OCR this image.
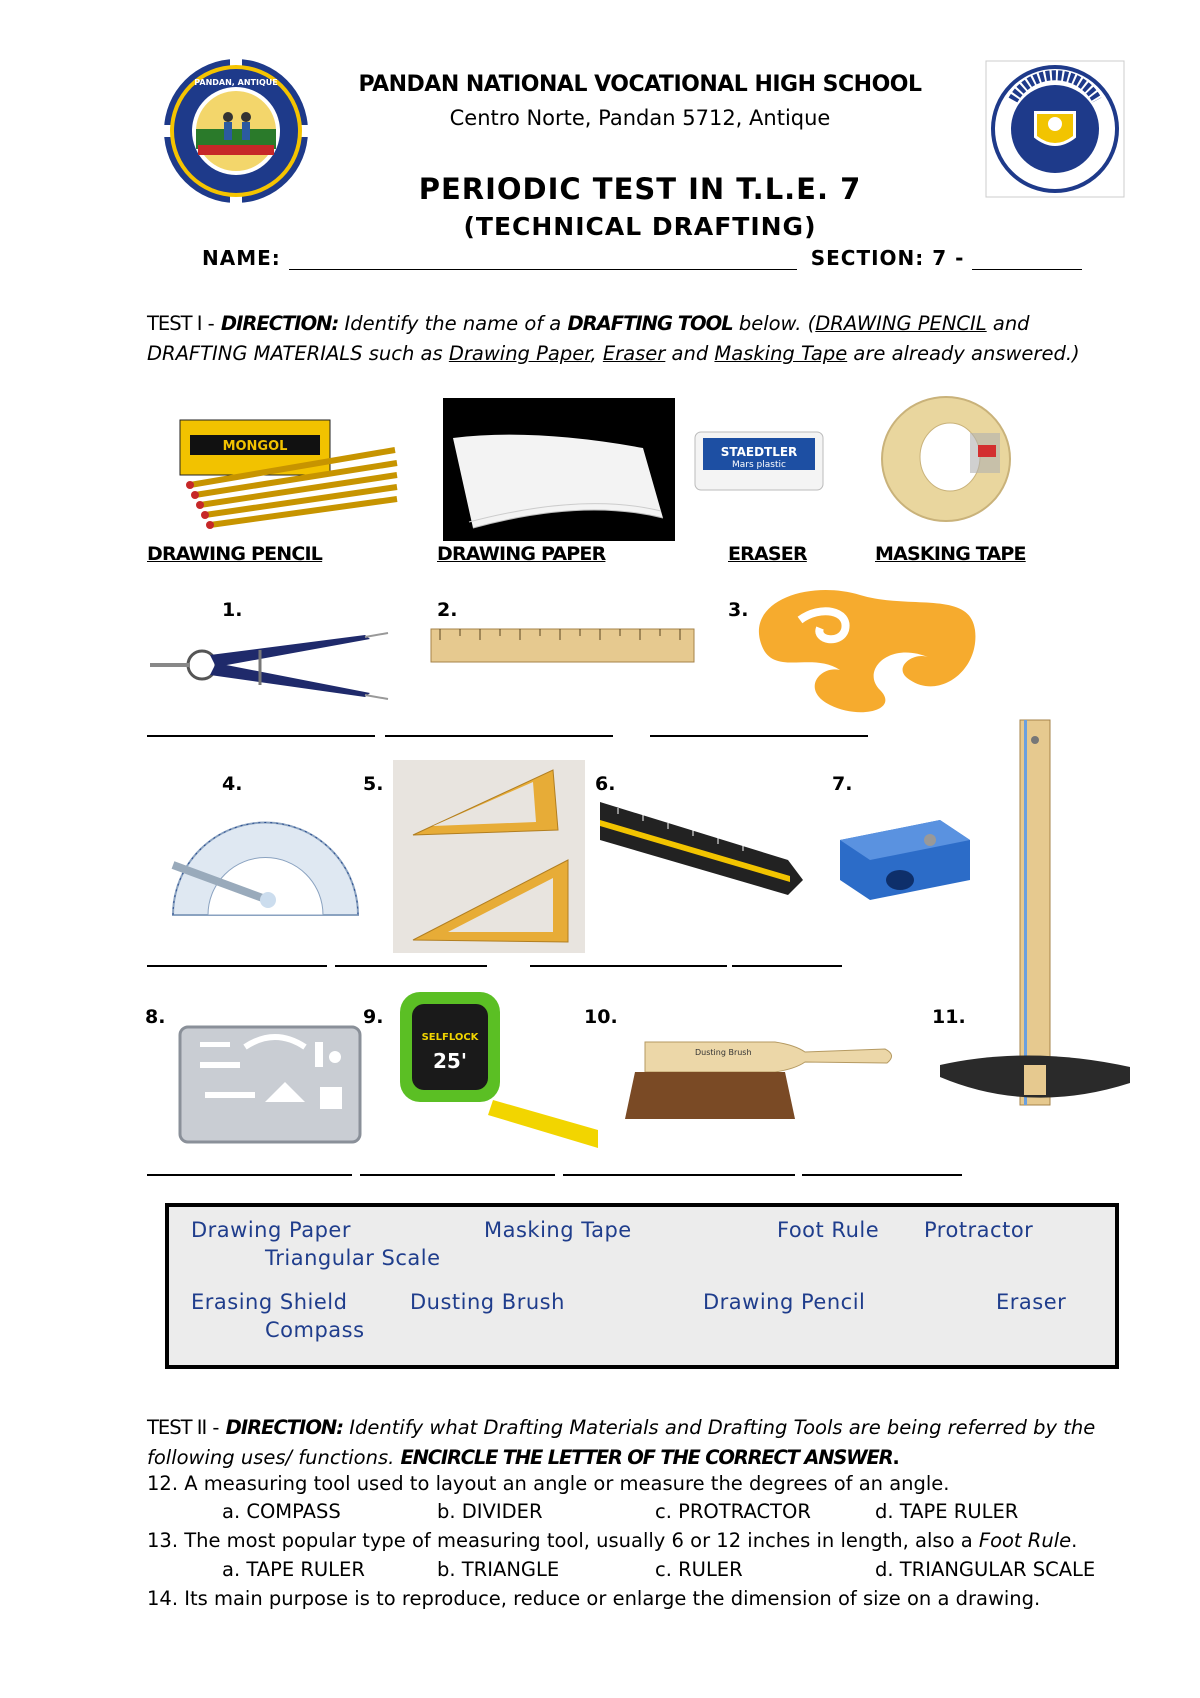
PANDAN, ANTIQUE	PANDAN NATIONAL VOCATIONAL HIGH SCHOOL
Centro Norte, Pandan 5712, Antique
PERIODIC TEST IN T.L.E. 7
(TECHNICAL DRAFTING)
NAME:	SECTION: 7 -
TEST I - DIRECTION: Identify the name of a DRAFTING TOOL below. (DRAWING PENCIL and DRAFTING MATERIALS such as Drawing Paper, Eraser and Masking Tape are already answered.)
MONGOL	STAEDTLER
Mars plastic
DRAWING PENCIL	DRAWING PAPER	ERASER	MASKING TAPE
1.	2.	3.
4.	5.	6.	7.
8.	9.	10.	11.
SELFLOCK
25'	Dusting Brush
Drawing Paper	Masking Tape	Foot Rule Protractor
Triangular Scale
Erasing Shield	Dusting Brush	Drawing Pencil	Eraser
Compass
TEST II - DIRECTION: Identify what Drafting Materials and Drafting Tools are being referred by the following uses/ functions. ENCIRCLE THE LETTER OF THE CORRECT ANSWER.
12. A measuring tool used to layout an angle or measure the degrees of an angle.
a. COMPASS	b. DIVIDER	c. PROTRACTOR	d. TAPE RULER
13. The most popular type of measuring tool, usually 6 or 12 inches in length, also a Foot Rule.
a. TAPE RULER	b. TRIANGLE	c. RULER	d. TRIANGULAR SCALE
14. Its main purpose is to reproduce, reduce or enlarge the dimension of size on a drawing.
